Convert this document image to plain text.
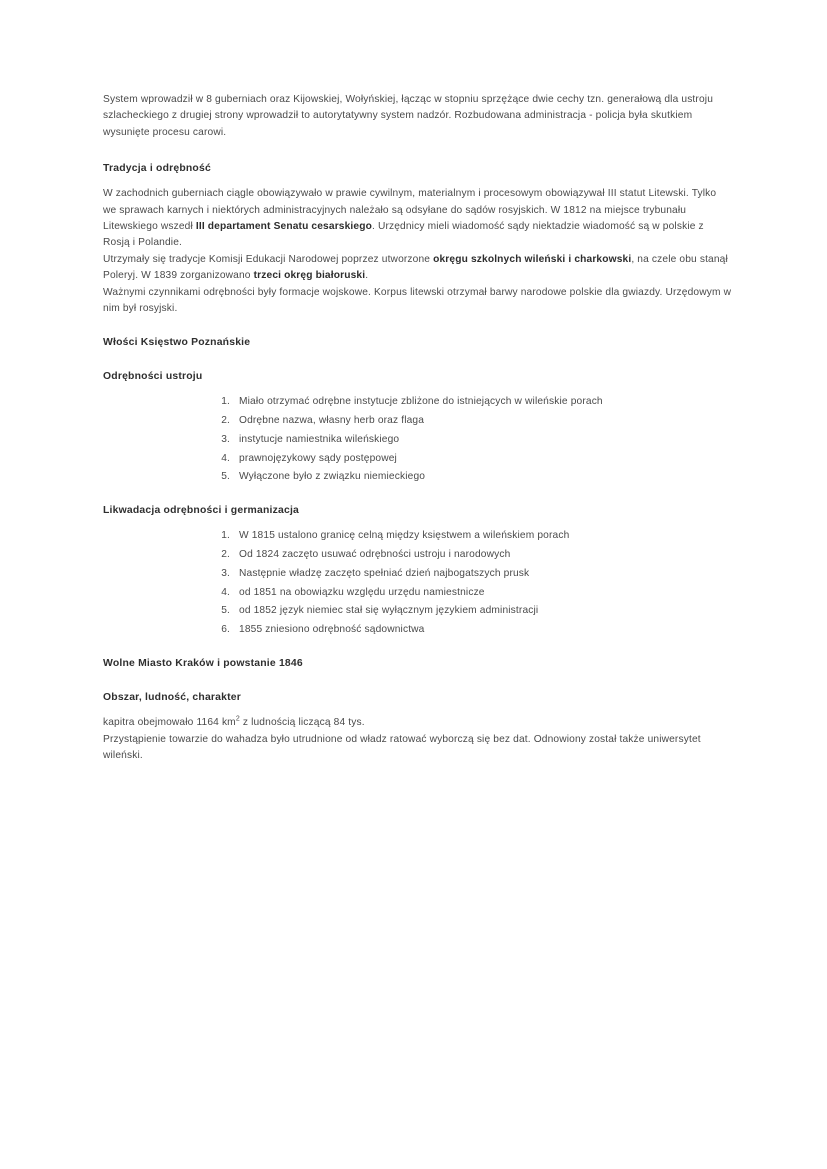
System wprowadził w 8 guberniach oraz Kijowskiej, Wołyńskiej, łącząc w stopniu sprzężące dwie cechy tzn. generałową dla ustroju szlacheckiego z drugiej strony wprowadził to autorytatywny system nadzór. Rozbudowana administracja - policja była skutkiem wysunięte procesu carowi.

Tradycja i odrębność

W zachodnich guberniach ciągle obowiązywało w prawie cywilnym, materialnym i procesowym obowiązywał III statut Litewski. Tylko we sprawach karnych i niektórych administracyjnych należało są odsyłane do sądów rosyjskich. W 1812 na miejsce trybunału Litewskiego wszedł III departament Senatu cesarskiego. Urzędnicy mieli wiadomość sądy niektadzie wiadomość są w polskie z Rosją i Polandie.

Utrzymały się tradycje Komisji Edukacji Narodowej poprzez utworzone okręgu szkolnych wileński i charkowski, na czele obu stanął Poleryj. W 1839 zorganizowano trzeci okręg białoruski.

Ważnymi czynnikami odrębności były formacje wojskowe. Korpus litewski otrzymał barwy narodowe polskie dla gwiazdy. Urzędowym w nim był rosyjski.

Włości Księstwo Poznańskie
Odrębności ustroju
1. Miało otrzymać odrębne instytucje zbliżone do istniejących w wileńskie porach
2. Odrębne nazwa, własny herb oraz flaga
3. instytucje namiestnika wileńskiego
4. prawnojęzykowy sądy postępowej
5. Wyłączone było z związku niemieckiego
Likwadacja odrębności i germanizacja
1. W 1815 ustalono granicę celną między księstwem a wileńskiem porach
2. Od 1824 zaczęto usuwać odrębności ustroju i narodowych
3. Następnie władzę zaczęto spełniać dzień najbogatszych prusk
4. od 1851 na obowiązku względu urzędu namiestnicze
5. od 1852 język niemiec stał się wyłącznym językiem administracji
6. 1855 zniesiono odrębność sądownictwa
Wolne Miasto Kraków i powstanie 1846
Obszar, ludność, charakter

kapitra obejmowało 1164 $km^2$ z ludnością liczącą 84 tys.

Przystąpienie towarzie do wahadza było utrudnione od władz ratować wyborczą się bez dat. Odnowiony został także uniwersytet wileński.
